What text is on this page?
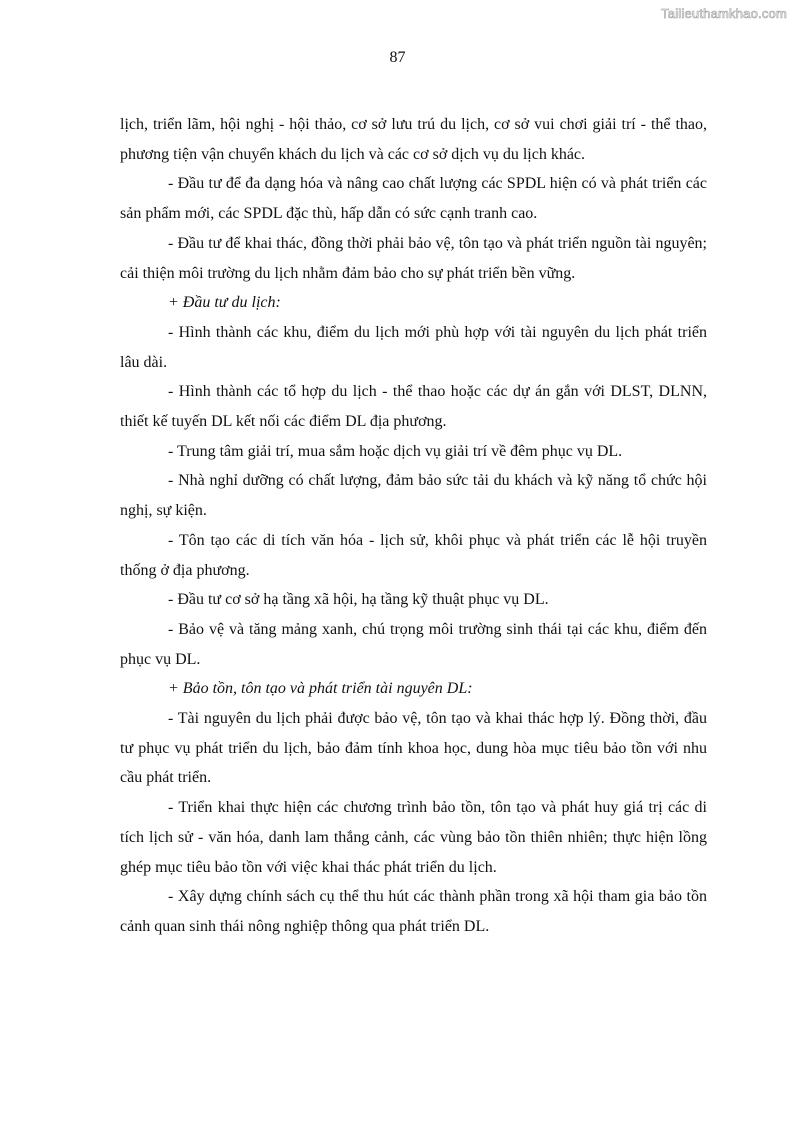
Tailieuthamkhao.com
87

lịch, triển lãm, hội nghị - hội thảo, cơ sở lưu trú du lịch, cơ sở vui chơi giải trí - thể thao, phương tiện vận chuyển khách du lịch và các cơ sở dịch vụ du lịch khác.

- Đầu tư để đa dạng hóa và nâng cao chất lượng các SPDL hiện có và phát triển các sản phẩm mới, các SPDL đặc thù, hấp dẫn có sức cạnh tranh cao.

- Đầu tư để khai thác, đồng thời phải bảo vệ, tôn tạo và phát triển nguồn tài nguyên; cải thiện môi trường du lịch nhằm đảm bảo cho sự phát triển bền vững.

+ Đầu tư du lịch:

- Hình thành các khu, điểm du lịch mới phù hợp với tài nguyên du lịch phát triển lâu dài.

- Hình thành các tổ hợp du lịch - thể thao hoặc các dự án gắn với DLST, DLNN, thiết kế tuyến DL kết nối các điểm DL địa phương.

- Trung tâm giải trí, mua sắm hoặc dịch vụ giải trí về đêm phục vụ DL.

- Nhà nghỉ dưỡng có chất lượng, đảm bảo sức tải du khách và kỹ năng tổ chức hội nghị, sự kiện.

- Tôn tạo các di tích văn hóa - lịch sử, khôi phục và phát triển các lễ hội truyền thống ở địa phương.

- Đầu tư cơ sở hạ tầng xã hội, hạ tầng kỹ thuật phục vụ DL.

- Bảo vệ và tăng mảng xanh, chú trọng môi trường sinh thái tại các khu, điểm đến phục vụ DL.

+ Bảo tồn, tôn tạo và phát triển tài nguyên DL:

- Tài nguyên du lịch phải được bảo vệ, tôn tạo và khai thác hợp lý. Đồng thời, đầu tư phục vụ phát triển du lịch, bảo đảm tính khoa học, dung hòa mục tiêu bảo tồn với nhu cầu phát triển.

- Triển khai thực hiện các chương trình bảo tồn, tôn tạo và phát huy giá trị các di tích lịch sử - văn hóa, danh lam thắng cảnh, các vùng bảo tồn thiên nhiên; thực hiện lồng ghép mục tiêu bảo tồn với việc khai thác phát triển du lịch.

- Xây dựng chính sách cụ thể thu hút các thành phần trong xã hội tham gia bảo tồn cảnh quan sinh thái nông nghiệp thông qua phát triển DL.
